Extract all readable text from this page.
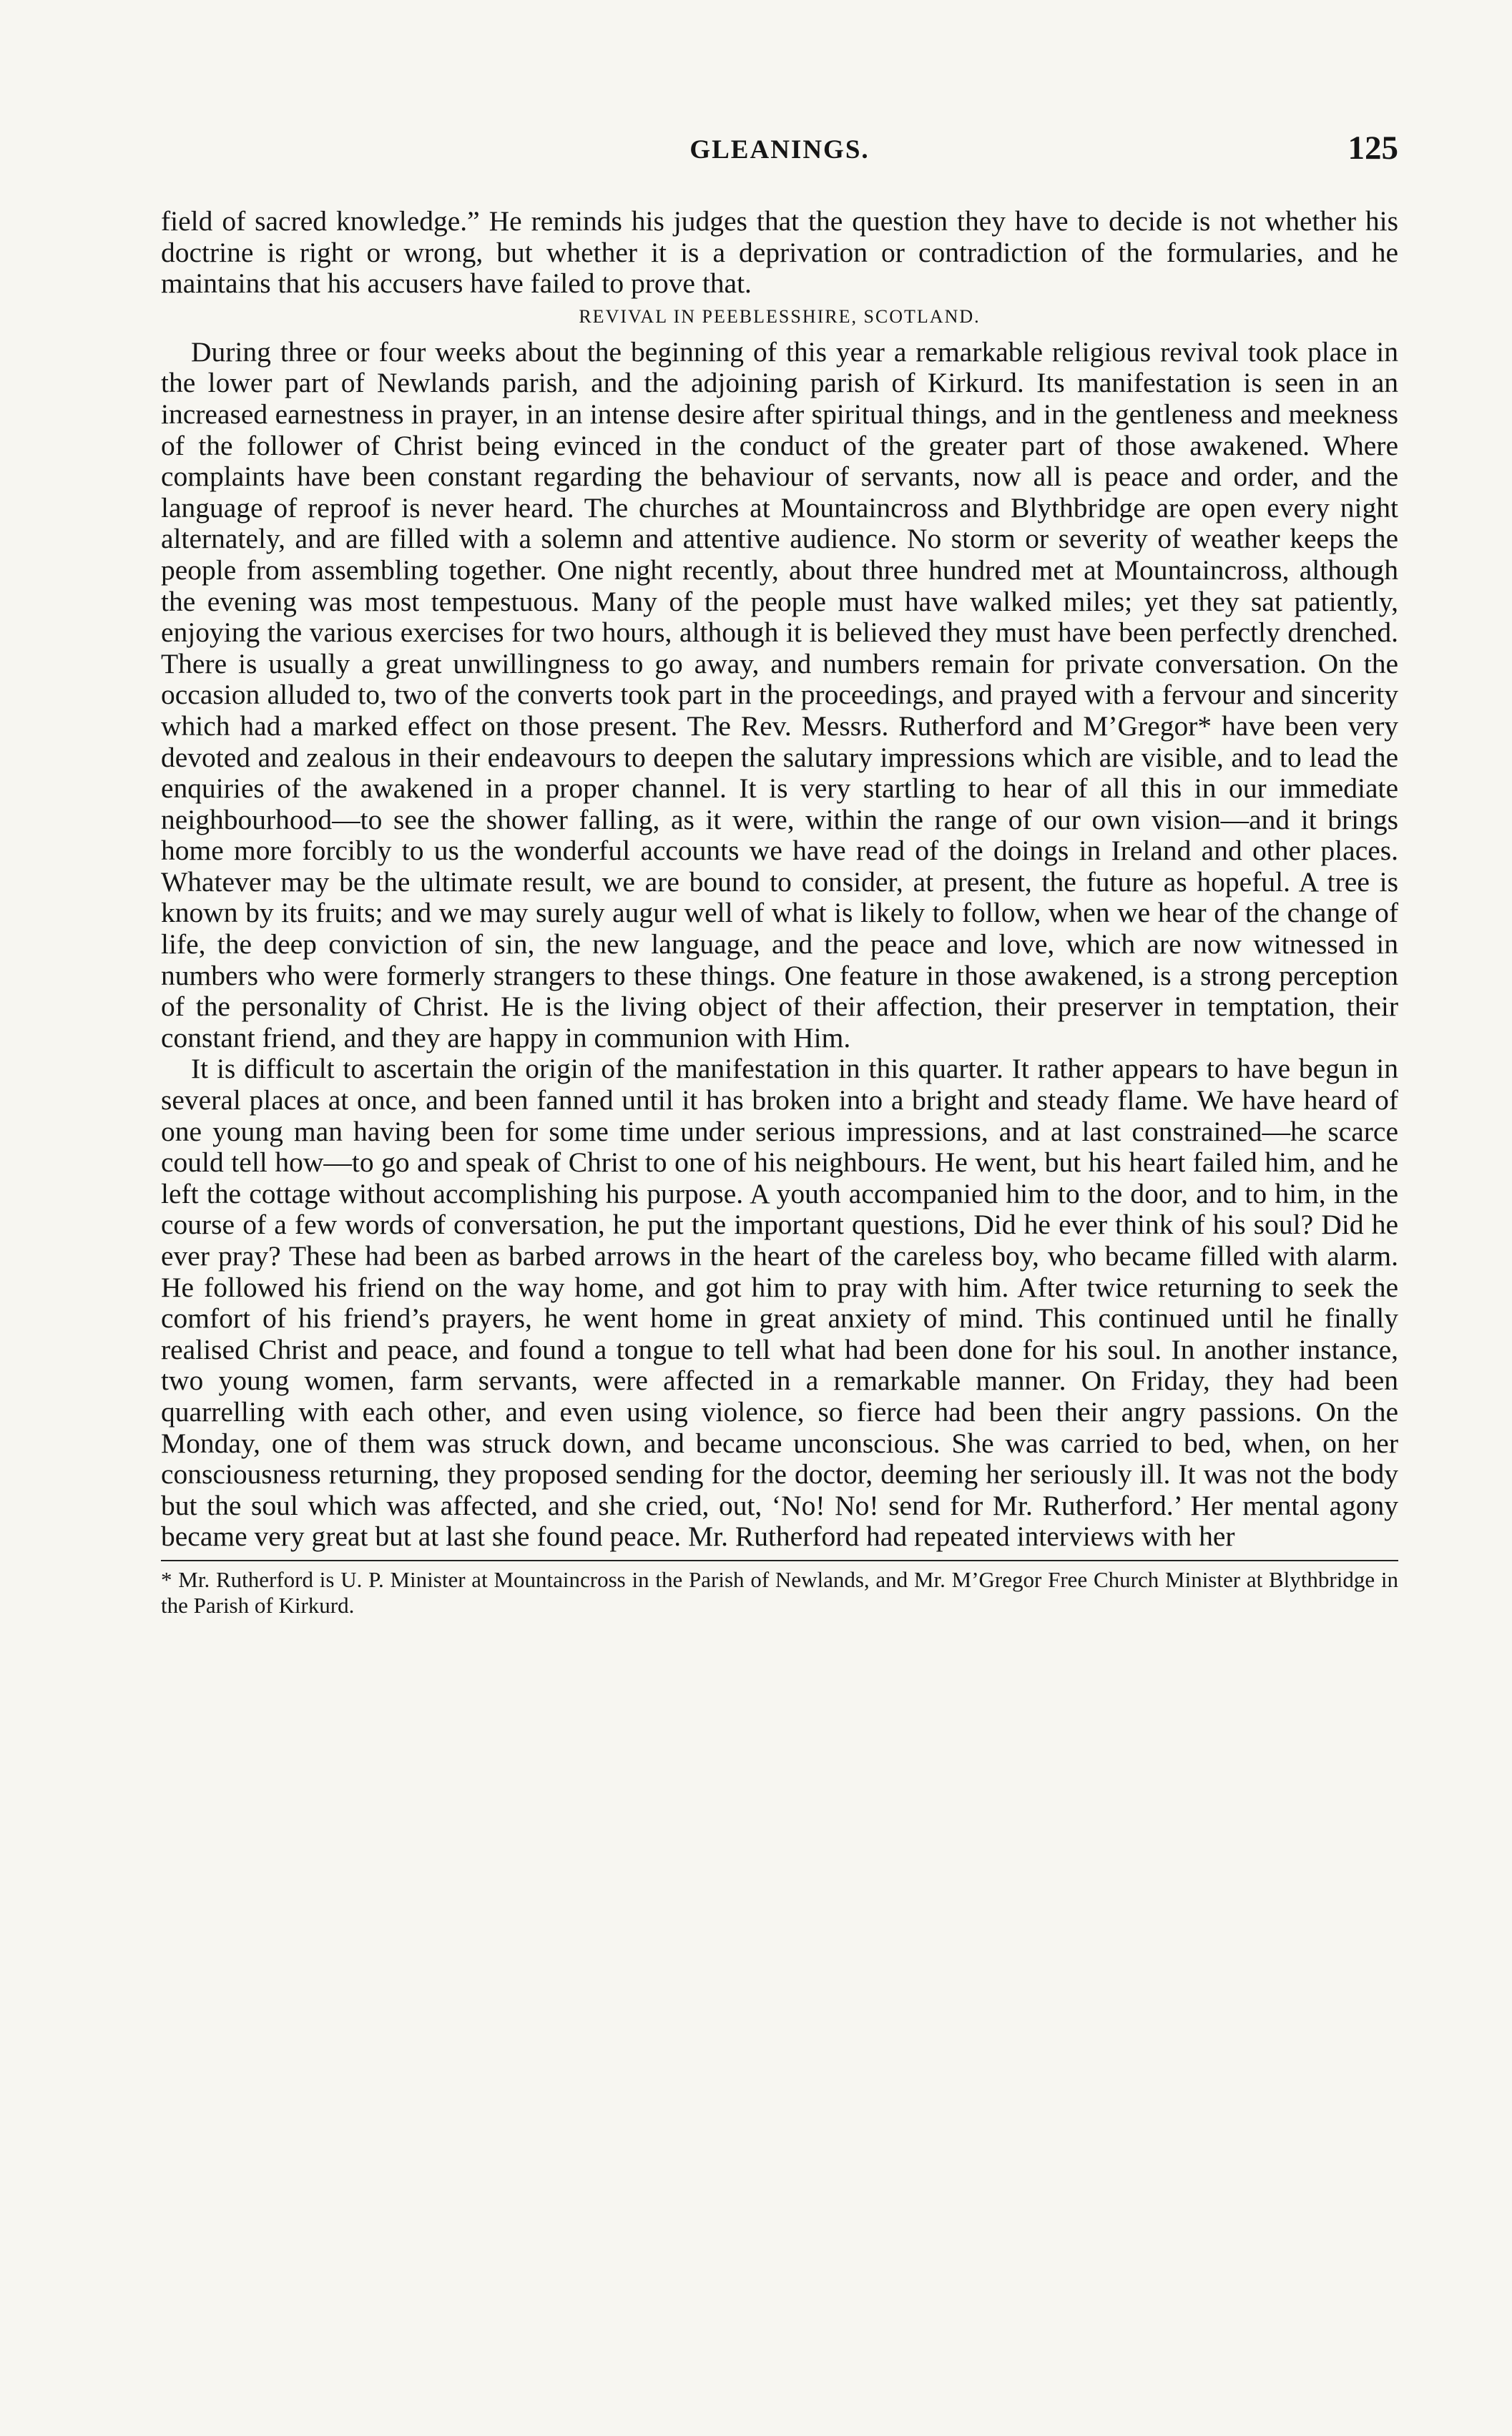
GLEANINGS.	125

field of sacred knowledge.” He reminds his judges that the question they have to decide is not whether his doctrine is right or wrong, but whether it is a deprivation or contradiction of the formularies, and he maintains that his accusers have failed to prove that.

REVIVAL IN PEEBLESSHIRE, SCOTLAND.

During three or four weeks about the beginning of this year a remarkable religious revival took place in the lower part of Newlands parish, and the adjoining parish of Kirkurd. Its manifestation is seen in an increased earnestness in prayer, in an intense desire after spiritual things, and in the gentleness and meekness of the follower of Christ being evinced in the conduct of the greater part of those awakened. Where complaints have been constant regarding the behaviour of servants, now all is peace and order, and the language of reproof is never heard. The churches at Mountaincross and Blythbridge are open every night alternately, and are filled with a solemn and attentive audience. No storm or severity of weather keeps the people from assembling together. One night recently, about three hundred met at Mountaincross, although the evening was most tempestuous. Many of the people must have walked miles; yet they sat patiently, enjoying the various exercises for two hours, although it is believed they must have been perfectly drenched. There is usually a great unwillingness to go away, and numbers remain for private conversation. On the occasion alluded to, two of the converts took part in the proceedings, and prayed with a fervour and sincerity which had a marked effect on those present. The Rev. Messrs. Rutherford and M’Gregor* have been very devoted and zealous in their endeavours to deepen the salutary impressions which are visible, and to lead the enquiries of the awakened in a proper channel. It is very startling to hear of all this in our immediate neighbourhood—to see the shower falling, as it were, within the range of our own vision—and it brings home more forcibly to us the wonderful accounts we have read of the doings in Ireland and other places. Whatever may be the ultimate result, we are bound to consider, at present, the future as hopeful. A tree is known by its fruits; and we may surely augur well of what is likely to follow, when we hear of the change of life, the deep conviction of sin, the new language, and the peace and love, which are now witnessed in numbers who were formerly strangers to these things. One feature in those awakened, is a strong perception of the personality of Christ. He is the living object of their affection, their preserver in temptation, their constant friend, and they are happy in communion with Him.

It is difficult to ascertain the origin of the manifestation in this quarter. It rather appears to have begun in several places at once, and been fanned until it has broken into a bright and steady flame. We have heard of one young man having been for some time under serious impressions, and at last constrained—he scarce could tell how—to go and speak of Christ to one of his neighbours. He went, but his heart failed him, and he left the cottage without accomplishing his purpose. A youth accompanied him to the door, and to him, in the course of a few words of conversation, he put the important questions, Did he ever think of his soul? Did he ever pray? These had been as barbed arrows in the heart of the careless boy, who became filled with alarm. He followed his friend on the way home, and got him to pray with him. After twice returning to seek the comfort of his friend’s prayers, he went home in great anxiety of mind. This continued until he finally realised Christ and peace, and found a tongue to tell what had been done for his soul. In another instance, two young women, farm servants, were affected in a remarkable manner. On Friday, they had been quarrelling with each other, and even using violence, so fierce had been their angry passions. On the Monday, one of them was struck down, and became unconscious. She was carried to bed, when, on her consciousness returning, they proposed sending for the doctor, deeming her seriously ill. It was not the body but the soul which was affected, and she cried, out, ‘No! No! send for Mr. Rutherford.’ Her mental agony became very great but at last she found peace. Mr. Rutherford had repeated interviews with her

* Mr. Rutherford is U. P. Minister at Mountaincross in the Parish of Newlands, and Mr. M’Gregor Free Church Minister at Blythbridge in the Parish of Kirkurd.
